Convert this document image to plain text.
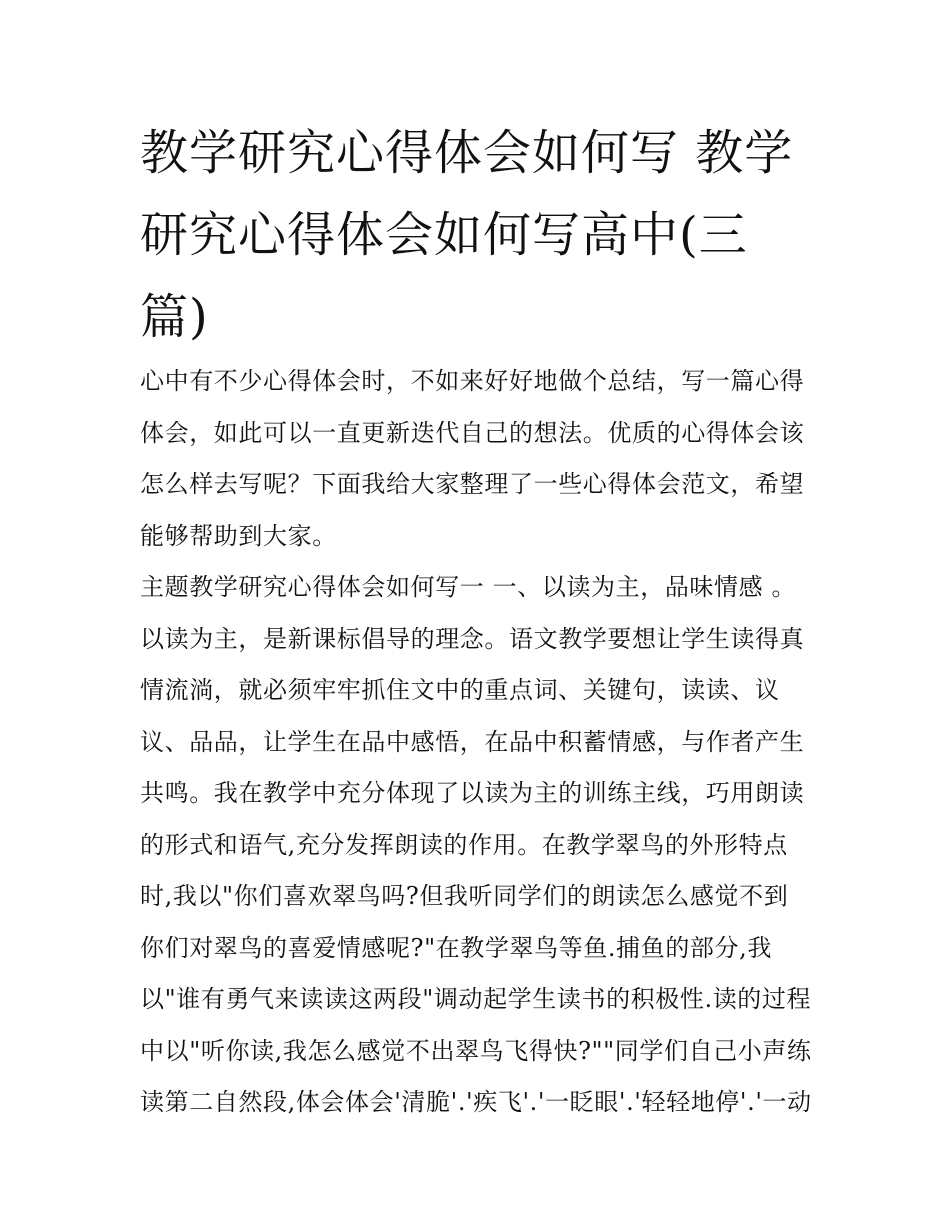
教学研究心得体会如何写 教学
研究心得体会如何写高中(三
篇)
心中有不少心得体会时，不如来好好地做个总结，写一篇心得
体会，如此可以一直更新迭代自己的想法。优质的心得体会该
怎么样去写呢？下面我给大家整理了一些心得体会范文，希望
能够帮助到大家。
主题教学研究心得体会如何写一 一、以读为主，品味情感 。
以读为主，是新课标倡导的理念。语文教学要想让学生读得真
情流淌，就必须牢牢抓住文中的重点词、关键句，读读、议
议、品品，让学生在品中感悟，在品中积蓄情感，与作者产生
共鸣。我在教学中充分体现了以读为主的训练主线，巧用朗读
的形式和语气,充分发挥朗读的作用。在教学翠鸟的外形特点
时,我以"你们喜欢翠鸟吗?但我听同学们的朗读怎么感觉不到
你们对翠鸟的喜爱情感呢?"在教学翠鸟等鱼.捕鱼的部分,我
以"谁有勇气来读读这两段"调动起学生读书的积极性.读的过程
中以"听你读,我怎么感觉不出翠鸟飞得快?""同学们自己小声练
读第二自然段,体会体会'清脆'.'疾飞'.'一眨眼'.'轻轻地停'.'一动
